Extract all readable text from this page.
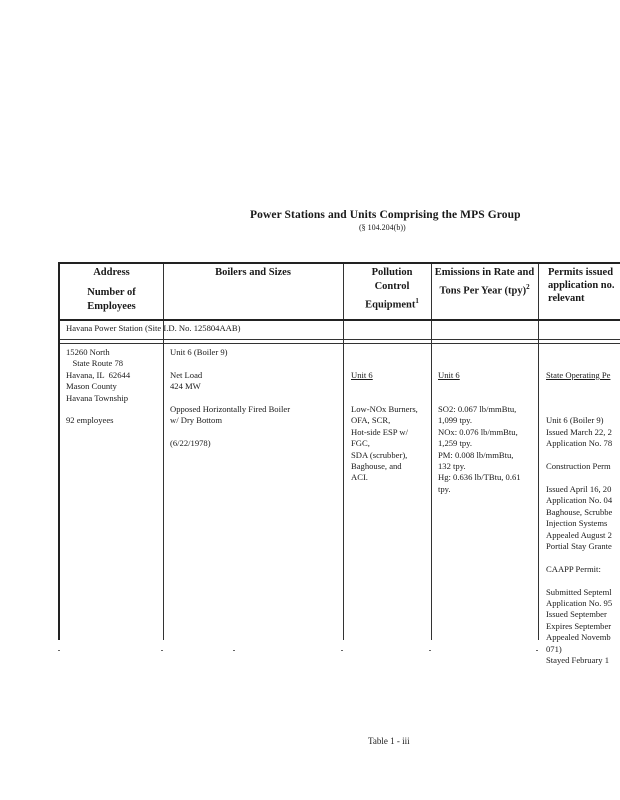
Power Stations and Units Comprising the MPS Group
(§ 104.204(b))
Address
Number of Employees
Boilers and Sizes	Pollution Control Equipment$^1$
Emissions in Rate and Tons Per Year (tpy)$^2$
Permits issued application no. relevant
Havana Power Station (Site I.D. No. 125804AAB)
15260 North
State Route 78
Havana, IL  62644
Mason County
Havana Township

92 employees
Unit 6 (Boiler 9)

Net Load
424 MW

Opposed Horizontally Fired Boiler
w/ Dry Bottom

(6/22/1978)

Unit 6

Low-NOx Burners,
OFA, SCR,
Hot-side ESP w/
FGC,
SDA (scrubber),
Baghouse, and
ACI.

Unit 6

SO2: 0.067 lb/mmBtu,
1,099 tpy.
NOx: 0.076 lb/mmBtu,
1,259 tpy.
PM: 0.008 lb/mmBtu,
132 tpy.
Hg: 0.636 lb/TBtu, 0.61
tpy.

State Operating Pe

Unit 6 (Boiler 9)
Issued March 22, 2
Application No. 78

Construction Perm

Issued April 16, 20
Application No. 04
Baghouse, Scrubbe
Injection Systems
Appealed August 2
Portial Stay Grante

CAAPP Permit:

Submitted Septeml
Application No. 95
Issued September
Expires September
Appealed Novemb
071)
Stayed February 1

Table 1 - iii
